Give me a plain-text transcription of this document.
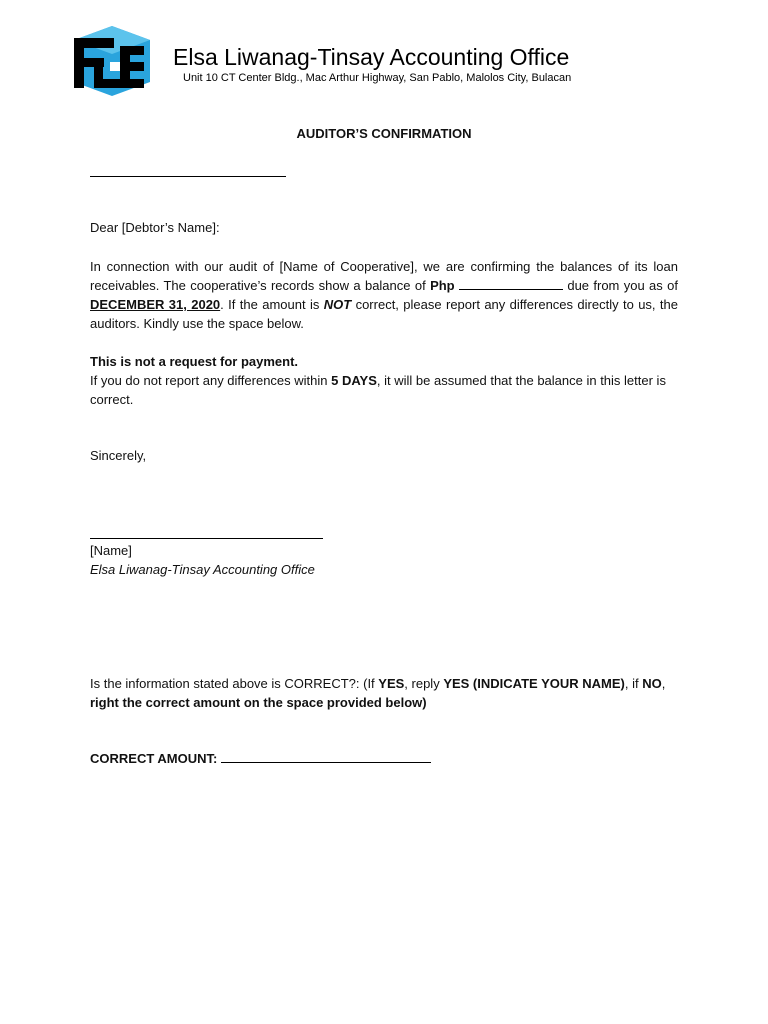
Elsa Liwanag-Tinsay Accounting Office
Unit 10 CT Center Bldg., Mac Arthur Highway, San Pablo, Malolos City, Bulacan
AUDITOR’S CONFIRMATION
Dear [Debtor’s Name]:
In connection with our audit of [Name of Cooperative], we are confirming the balances of its loan receivables. The cooperative’s records show a balance of Php	due from you as of DECEMBER 31, 2020. If the amount is NOT correct, please report any differences directly to us, the auditors. Kindly use the space below.
This is not a request for payment.
If you do not report any differences within 5 DAYS, it will be assumed that the balance in this letter is correct.
Sincerely,
[Name]
Elsa Liwanag-Tinsay Accounting Office
Is the information stated above is CORRECT?: (If YES, reply YES (INDICATE YOUR NAME), if NO,
right the correct amount on the space provided below)
CORRECT AMOUNT:
